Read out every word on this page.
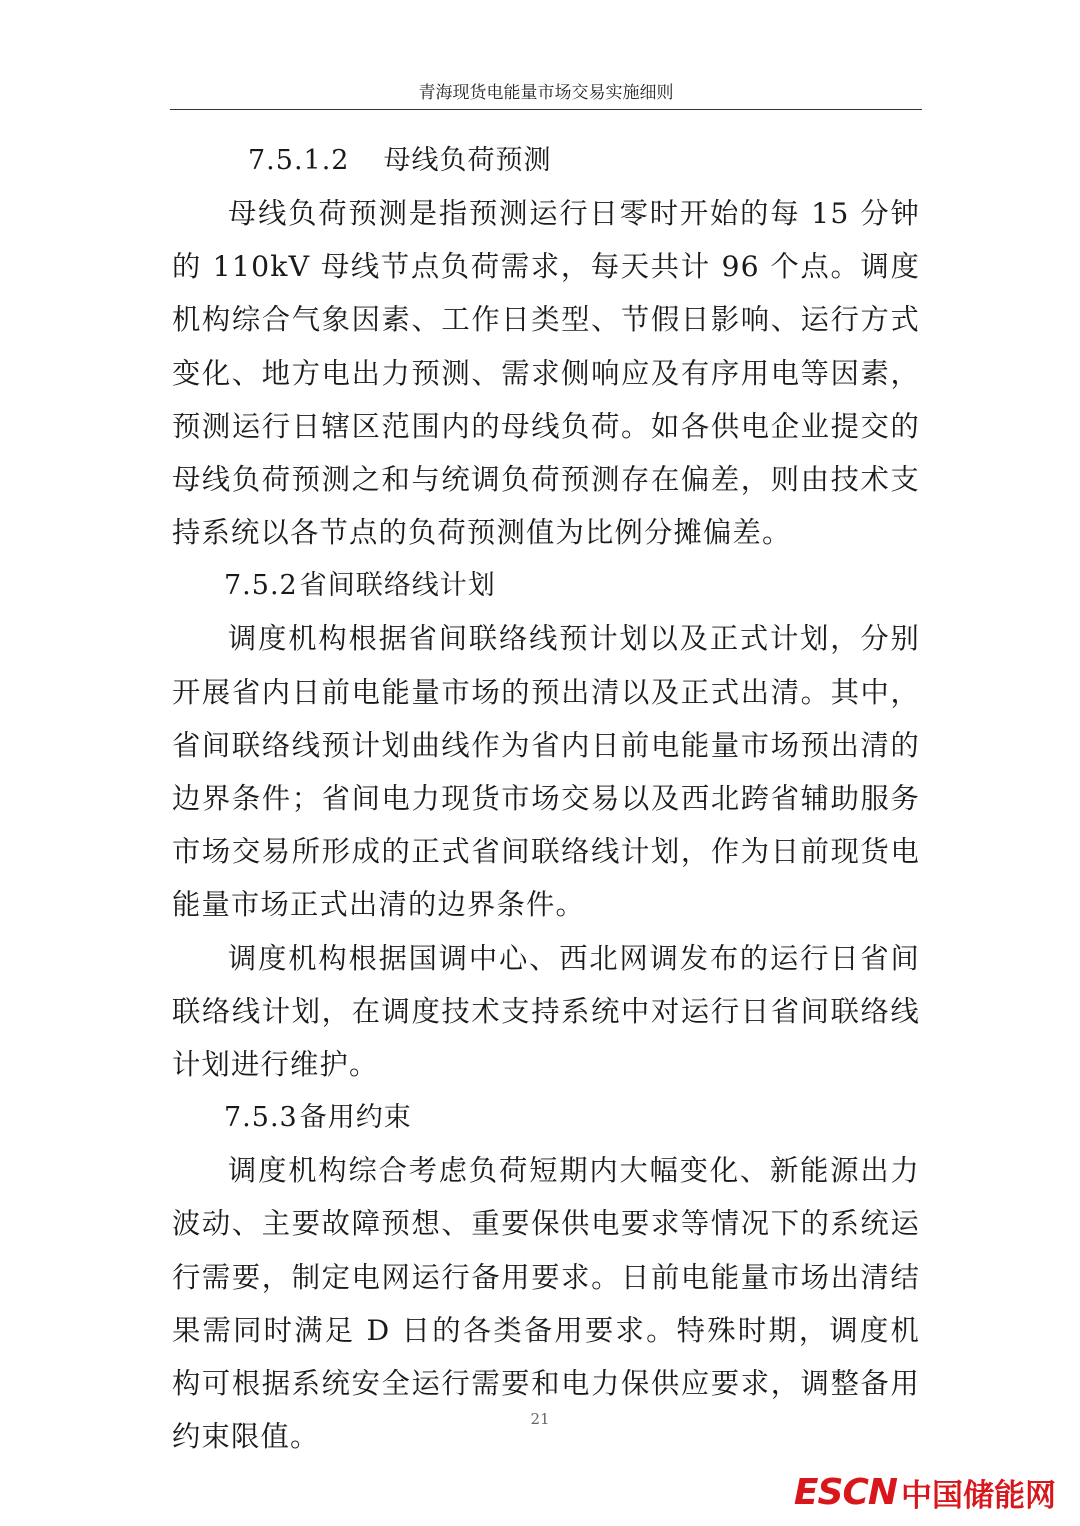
青海现货电能量市场交易实施细则

7.5.1.2 母线负荷预测

母线负荷预测是指预测运行日零时开始的每 15 分钟的 110kV 母线节点负荷需求，每天共计 96 个点。调度机构综合气象因素、工作日类型、节假日影响、运行方式变化、地方电出力预测、需求侧响应及有序用电等因素，预测运行日辖区范围内的母线负荷。如各供电企业提交的母线负荷预测之和与统调负荷预测存在偏差，则由技术支持系统以各节点的负荷预测值为比例分摊偏差。

7.5.2省间联络线计划

调度机构根据省间联络线预计划以及正式计划，分别开展省内日前电能量市场的预出清以及正式出清。其中，省间联络线预计划曲线作为省内日前电能量市场预出清的边界条件；省间电力现货市场交易以及西北跨省辅助服务市场交易所形成的正式省间联络线计划，作为日前现货电能量市场正式出清的边界条件。

调度机构根据国调中心、西北网调发布的运行日省间联络线计划，在调度技术支持系统中对运行日省间联络线计划进行维护。

7.5.3备用约束

调度机构综合考虑负荷短期内大幅变化、新能源出力波动、主要故障预想、重要保供电要求等情况下的系统运行需要，制定电网运行备用要求。日前电能量市场出清结果需同时满足 D 日的各类备用要求。特殊时期，调度机构可根据系统安全运行需要和电力保供应要求，调整备用约束限值。

21
ESCN 中国储能网
